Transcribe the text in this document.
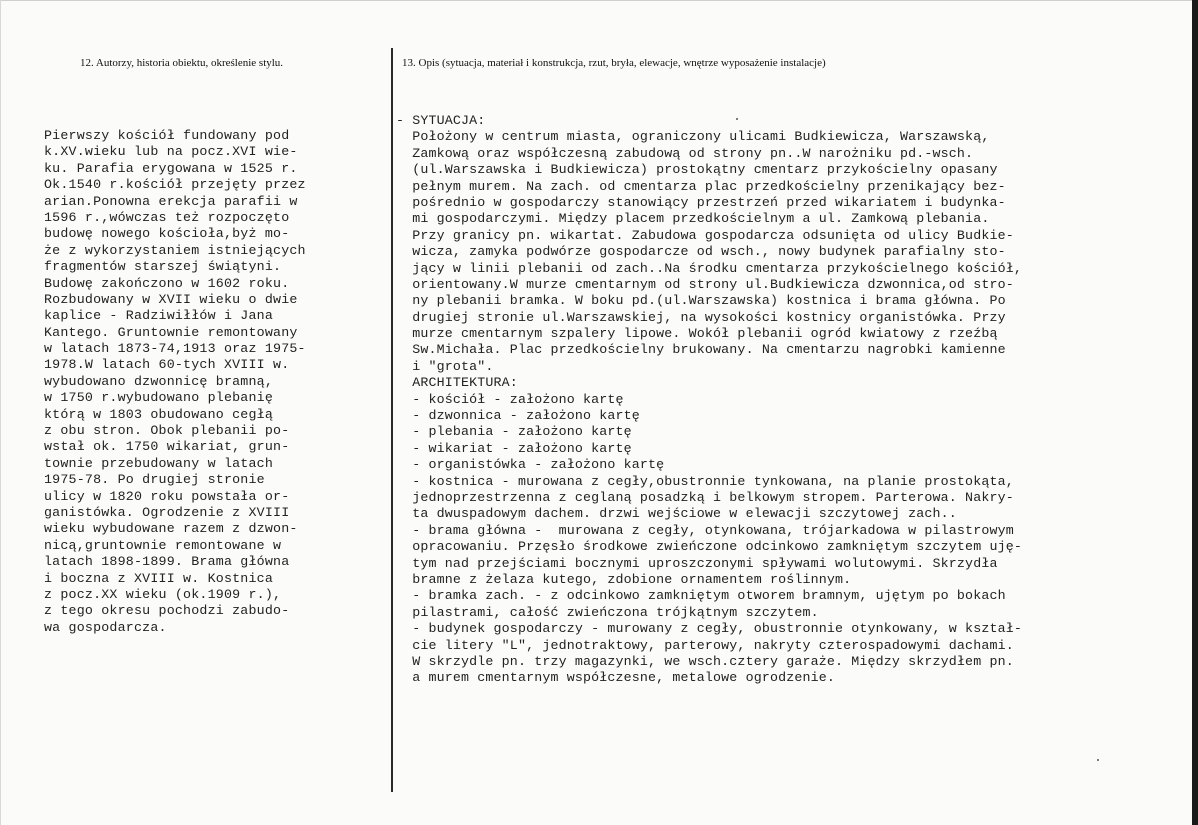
12. Autorzy, historia obiektu, określenie stylu.	13. Opis (sytuacja, materiał i konstrukcja, rzut, bryła, elewacje, wnętrze wyposażenie instalacje)
Pierwszy kościół fundowany pod
k.XV.wieku lub na pocz.XVI wie-
ku. Parafia erygowana w 1525 r.
Ok.1540 r.kościół przejęty przez
arian.Ponowna erekcja parafii w
1596 r.,wówczas też rozpoczęto
budowę nowego kościoła,byż mo-
że z wykorzystaniem istniejących
fragmentów starszej świątyni.
Budowę zakończono w 1602 roku.
Rozbudowany w XVII wieku o dwie
kaplice - Radziwiłłów i Jana
Kantego. Gruntownie remontowany
w latach 1873-74,1913 oraz 1975-
1978.W latach 60-tych XVIII w.
wybudowano dzwonnicę bramną,
w 1750 r.wybudowano plebanię
którą w 1803 obudowano cegłą
z obu stron. Obok plebanii po-
wstał ok. 1750 wikariat, grun-
townie przebudowany w latach
1975-78. Po drugiej stronie
ulicy w 1820 roku powstała or-
ganistówka. Ogrodzenie z XVIII
wieku wybudowane razem z dzwon-
nicą,gruntownie remontowane w
latach 1898-1899. Brama główna
i boczna z XVIII w. Kostnica
z pocz.XX wieku (ok.1909 r.),
z tego okresu pochodzi zabudo-
wa gospodarcza.
- SYTUACJA:
Położony w centrum miasta, ograniczony ulicami Budkiewicza, Warszawską,
Zamkową oraz współczesną zabudową od strony pn..W narożniku pd.-wsch.
(ul.Warszawska i Budkiewicza) prostokątny cmentarz przykościelny opasany
pełnym murem. Na zach. od cmentarza plac przedkościelny przenikający bez-
pośrednio w gospodarczy stanowiący przestrzeń przed wikariatem i budynka-
mi gospodarczymi. Między placem przedkościelnym a ul. Zamkową plebania.
Przy granicy pn. wikartat. Zabudowa gospodarcza odsunięta od ulicy Budkie-
wicza, zamyka podwórze gospodarcze od wsch., nowy budynek parafialny sto-
jący w linii plebanii od zach..Na środku cmentarza przykościelnego kościół,
orientowany.W murze cmentarnym od strony ul.Budkiewicza dzwonnica,od stro-
ny plebanii bramka. W boku pd.(ul.Warszawska) kostnica i brama główna. Po
drugiej stronie ul.Warszawskiej, na wysokości kostnicy organistówka. Przy
murze cmentarnym szpalery lipowe. Wokół plebanii ogród kwiatowy z rzeźbą
Sw.Michała. Plac przedkościelny brukowany. Na cmentarzu nagrobki kamienne
i "grota".
ARCHITEKTURA:
- kościół - założono kartę
- dzwonnica - założono kartę
- plebania - założono kartę
- wikariat - założono kartę
- organistówka - założono kartę
- kostnica - murowana z cegły,obustronnie tynkowana, na planie prostokąta,
jednoprzestrzenna z ceglaną posadzką i belkowym stropem. Parterowa. Nakry-
ta dwuspadowym dachem. drzwi wejściowe w elewacji szczytowej zach..
- brama główna -  murowana z cegły, otynkowana, trójarkadowa w pilastrowym
opracowaniu. Przęsło środkowe zwieńczone odcinkowo zamkniętym szczytem uję-
tym nad przejściami bocznymi uproszczonymi spływami wolutowymi. Skrzydła
bramne z żelaza kutego, zdobione ornamentem roślinnym.
- bramka zach. - z odcinkowo zamkniętym otworem bramnym, ujętym po bokach
pilastrami, całość zwieńczona trójkątnym szczytem.
- budynek gospodarczy - murowany z cegły, obustronnie otynkowany, w kształ-
cie litery "L", jednotraktowy, parterowy, nakryty czterospadowymi dachami.
W skrzydle pn. trzy magazynki, we wsch.cztery garaże. Między skrzydłem pn.
a murem cmentarnym współczesne, metalowe ogrodzenie.
